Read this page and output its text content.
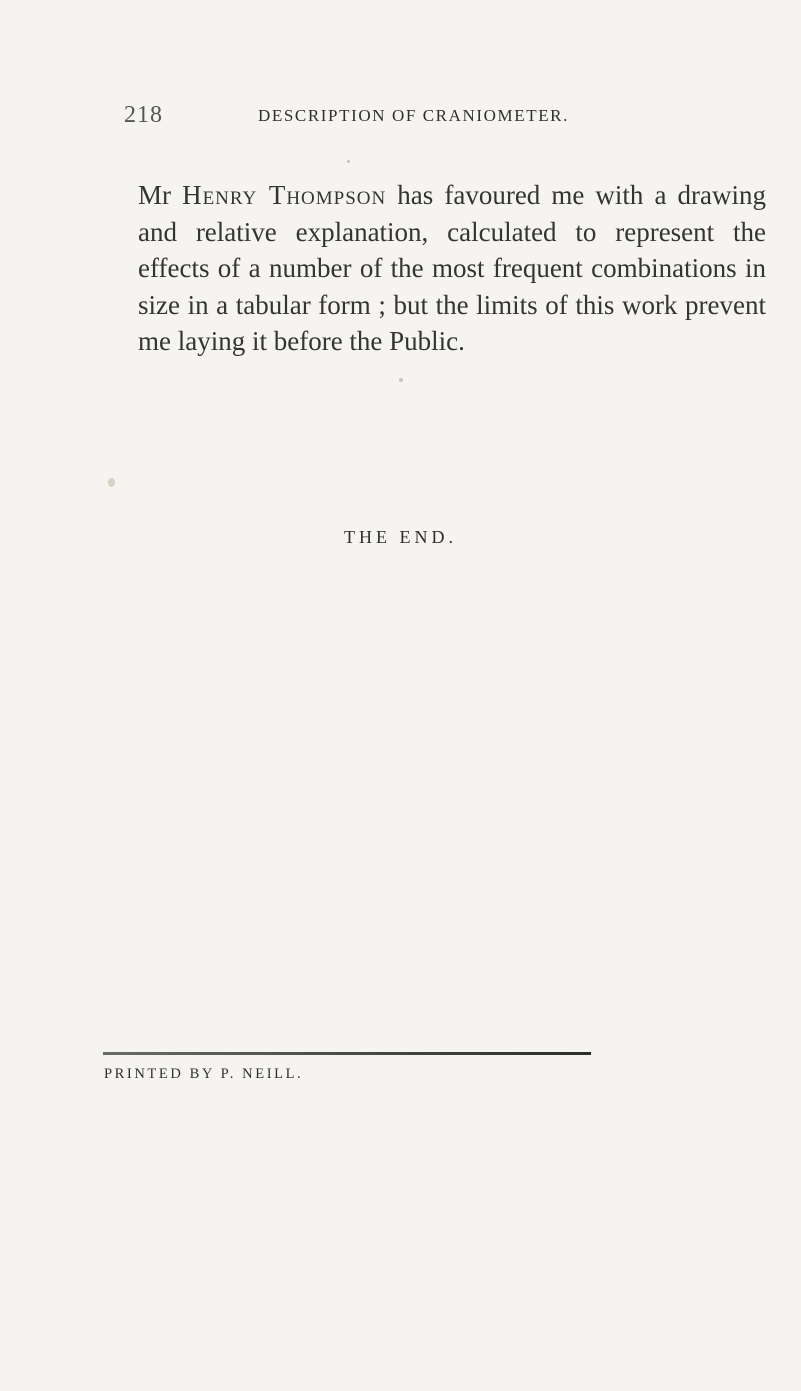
218	DESCRIPTION OF CRANIOMETER.

Mr Henry Thompson has favoured me with a drawing and relative explanation, calculated to represent the effects of a number of the most frequent combinations in size in a tabular form ; but the limits of this work prevent me laying it before the Public.

THE END.
PRINTED BY P. NEILL.
